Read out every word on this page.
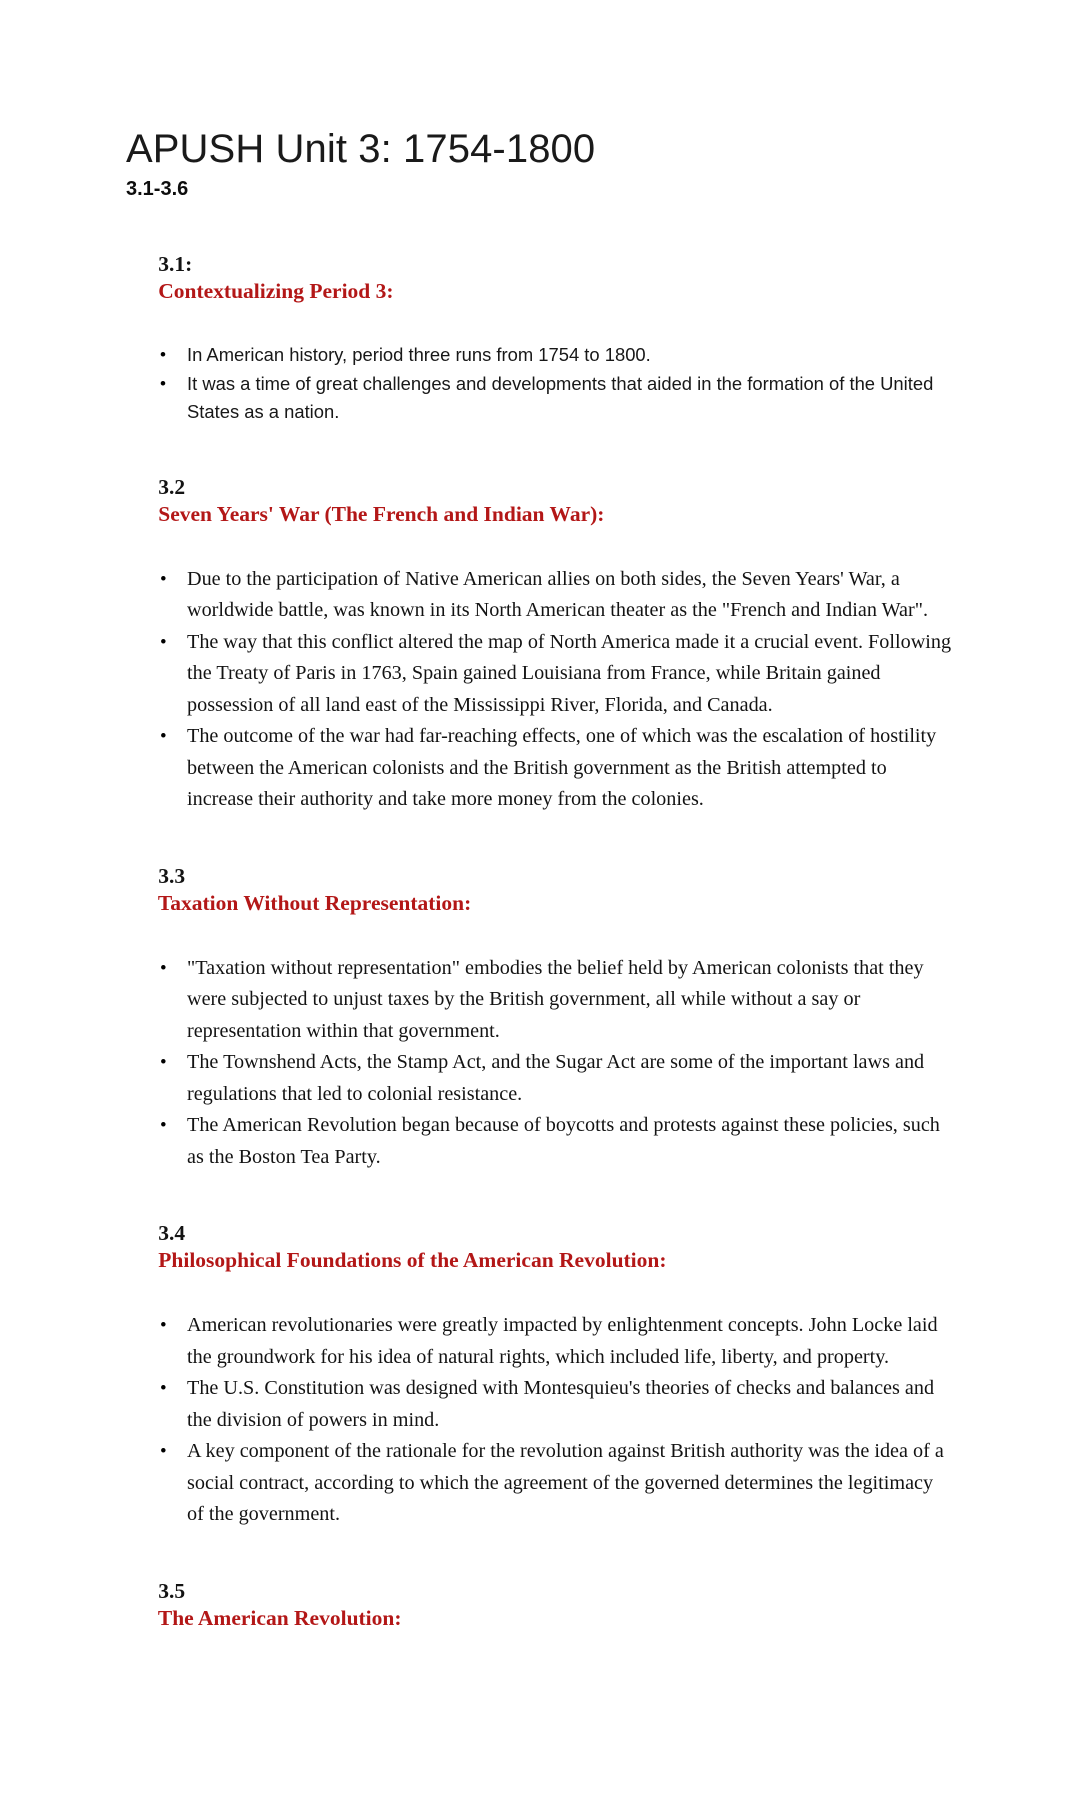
APUSH Unit 3: 1754-1800
3.1-3.6

3.1:
Contextualizing Period 3:

• In American history, period three runs from 1754 to 1800.
• It was a time of great challenges and developments that aided in the formation of the United States as a nation.

3.2
Seven Years' War (The French and Indian War):

• Due to the participation of Native American allies on both sides, the Seven Years' War, a worldwide battle, was known in its North American theater as the "French and Indian War".
• The way that this conflict altered the map of North America made it a crucial event. Following the Treaty of Paris in 1763, Spain gained Louisiana from France, while Britain gained possession of all land east of the Mississippi River, Florida, and Canada.
• The outcome of the war had far-reaching effects, one of which was the escalation of hostility between the American colonists and the British government as the British attempted to increase their authority and take more money from the colonies.

3.3
Taxation Without Representation:

• "Taxation without representation" embodies the belief held by American colonists that they were subjected to unjust taxes by the British government, all while without a say or representation within that government.
• The Townshend Acts, the Stamp Act, and the Sugar Act are some of the important laws and regulations that led to colonial resistance.
• The American Revolution began because of boycotts and protests against these policies, such as the Boston Tea Party.

3.4
Philosophical Foundations of the American Revolution:

• American revolutionaries were greatly impacted by enlightenment concepts. John Locke laid the groundwork for his idea of natural rights, which included life, liberty, and property.
• The U.S. Constitution was designed with Montesquieu's theories of checks and balances and the division of powers in mind.
• A key component of the rationale for the revolution against British authority was the idea of a social contract, according to which the agreement of the governed determines the legitimacy of the government.

3.5
The American Revolution:
